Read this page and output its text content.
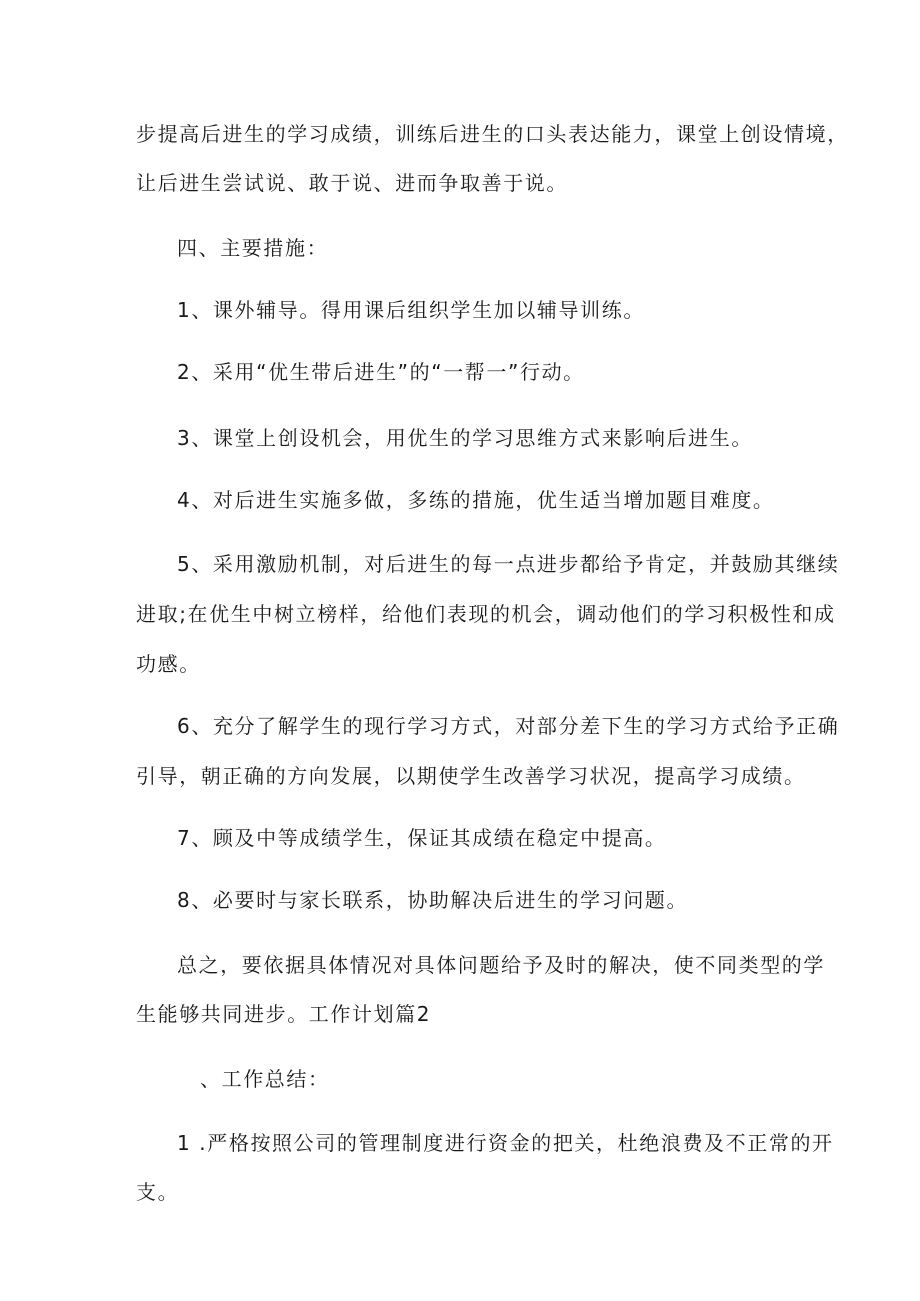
步提高后进生的学习成绩，训练后进生的口头表达能力，课堂上创设情境，
让后进生尝试说、敢于说、进而争取善于说。
四、主要措施：
1、课外辅导。得用课后组织学生加以辅导训练。
2、采用“优生带后进生”的“一帮一”行动。
3、课堂上创设机会，用优生的学习思维方式来影响后进生。
4、对后进生实施多做，多练的措施，优生适当增加题目难度。
5、采用激励机制，对后进生的每一点进步都给予肯定，并鼓励其继续
进取;在优生中树立榜样，给他们表现的机会，调动他们的学习积极性和成
功感。
6、充分了解学生的现行学习方式，对部分差下生的学习方式给予正确
引导，朝正确的方向发展，以期使学生改善学习状况，提高学习成绩。
7、顾及中等成绩学生，保证其成绩在稳定中提高。
8、必要时与家长联系，协助解决后进生的学习问题。
总之，要依据具体情况对具体问题给予及时的解决，使不同类型的学
生能够共同进步。工作计划篇2
、工作总结：
1 .严格按照公司的管理制度进行资金的把关，杜绝浪费及不正常的开
支。
